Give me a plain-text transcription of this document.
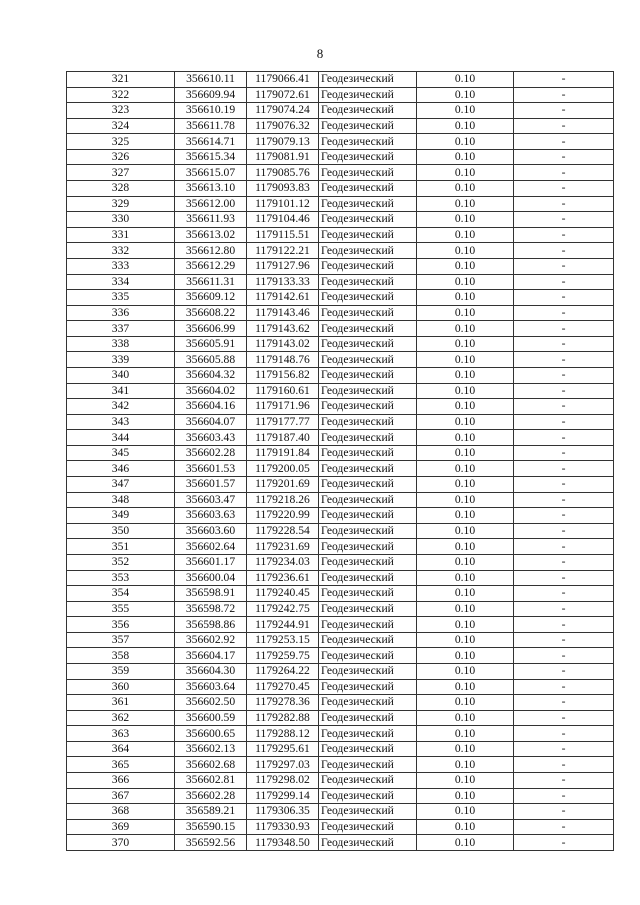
8
321	356610.11	1179066.41	Геодезический	0.10	-
322	356609.94	1179072.61	Геодезический	0.10	-
323	356610.19	1179074.24	Геодезический	0.10	-
324	356611.78	1179076.32	Геодезический	0.10	-
325	356614.71	1179079.13	Геодезический	0.10	-
326	356615.34	1179081.91	Геодезический	0.10	-
327	356615.07	1179085.76	Геодезический	0.10	-
328	356613.10	1179093.83	Геодезический	0.10	-
329	356612.00	1179101.12	Геодезический	0.10	-
330	356611.93	1179104.46	Геодезический	0.10	-
331	356613.02	1179115.51	Геодезический	0.10	-
332	356612.80	1179122.21	Геодезический	0.10	-
333	356612.29	1179127.96	Геодезический	0.10	-
334	356611.31	1179133.33	Геодезический	0.10	-
335	356609.12	1179142.61	Геодезический	0.10	-
336	356608.22	1179143.46	Геодезический	0.10	-
337	356606.99	1179143.62	Геодезический	0.10	-
338	356605.91	1179143.02	Геодезический	0.10	-
339	356605.88	1179148.76	Геодезический	0.10	-
340	356604.32	1179156.82	Геодезический	0.10	-
341	356604.02	1179160.61	Геодезический	0.10	-
342	356604.16	1179171.96	Геодезический	0.10	-
343	356604.07	1179177.77	Геодезический	0.10	-
344	356603.43	1179187.40	Геодезический	0.10	-
345	356602.28	1179191.84	Геодезический	0.10	-
346	356601.53	1179200.05	Геодезический	0.10	-
347	356601.57	1179201.69	Геодезический	0.10	-
348	356603.47	1179218.26	Геодезический	0.10	-
349	356603.63	1179220.99	Геодезический	0.10	-
350	356603.60	1179228.54	Геодезический	0.10	-
351	356602.64	1179231.69	Геодезический	0.10	-
352	356601.17	1179234.03	Геодезический	0.10	-
353	356600.04	1179236.61	Геодезический	0.10	-
354	356598.91	1179240.45	Геодезический	0.10	-
355	356598.72	1179242.75	Геодезический	0.10	-
356	356598.86	1179244.91	Геодезический	0.10	-
357	356602.92	1179253.15	Геодезический	0.10	-
358	356604.17	1179259.75	Геодезический	0.10	-
359	356604.30	1179264.22	Геодезический	0.10	-
360	356603.64	1179270.45	Геодезический	0.10	-
361	356602.50	1179278.36	Геодезический	0.10	-
362	356600.59	1179282.88	Геодезический	0.10	-
363	356600.65	1179288.12	Геодезический	0.10	-
364	356602.13	1179295.61	Геодезический	0.10	-
365	356602.68	1179297.03	Геодезический	0.10	-
366	356602.81	1179298.02	Геодезический	0.10	-
367	356602.28	1179299.14	Геодезический	0.10	-
368	356589.21	1179306.35	Геодезический	0.10	-
369	356590.15	1179330.93	Геодезический	0.10	-
370	356592.56	1179348.50	Геодезический	0.10	-
